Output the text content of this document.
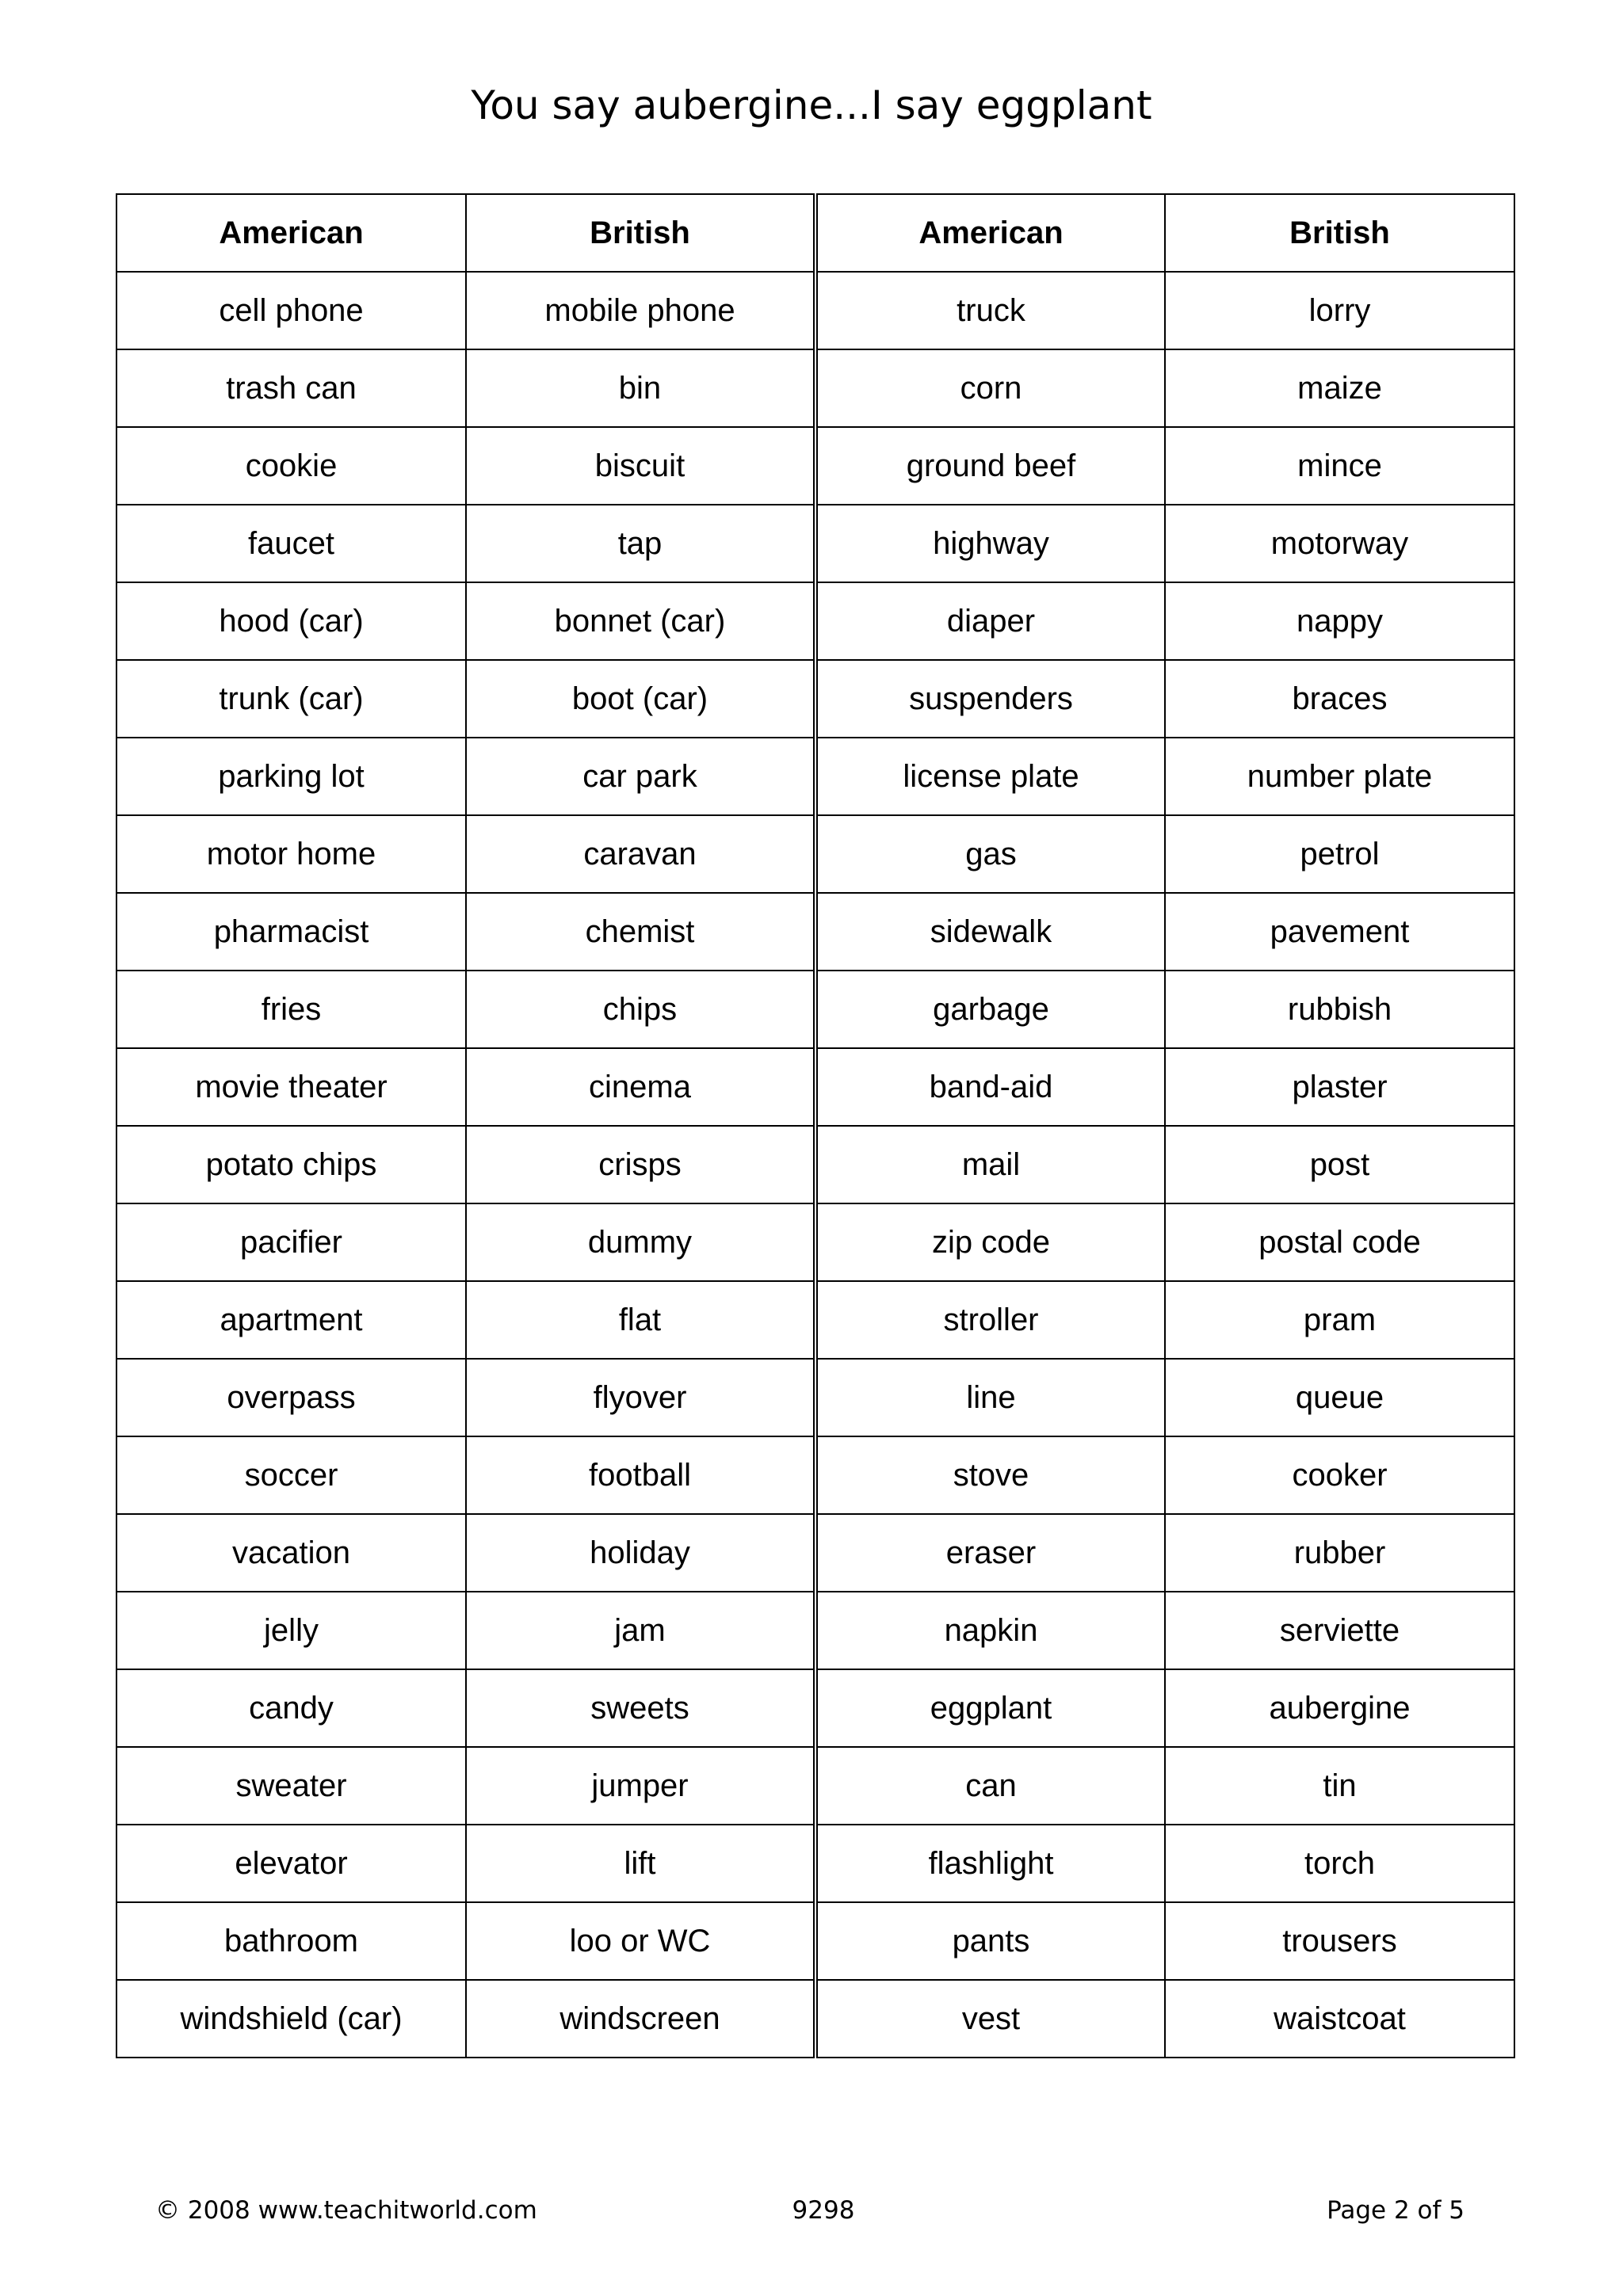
You say aubergine...I say eggplant
American	British	American	British
cell phone	mobile phone	truck	lorry
trash can	bin	corn	maize
cookie	biscuit	ground beef	mince
faucet	tap	highway	motorway
hood (car)	bonnet (car)	diaper	nappy
trunk (car)	boot (car)	suspenders	braces
parking lot	car park	license plate	number plate
motor home	caravan	gas	petrol
pharmacist	chemist	sidewalk	pavement
fries	chips	garbage	rubbish
movie theater	cinema	band-aid	plaster
potato chips	crisps	mail	post
pacifier	dummy	zip code	postal code
apartment	flat	stroller	pram
overpass	flyover	line	queue
soccer	football	stove	cooker
vacation	holiday	eraser	rubber
jelly	jam	napkin	serviette
candy	sweets	eggplant	aubergine
sweater	jumper	can	tin
elevator	lift	flashlight	torch
bathroom	loo or WC	pants	trousers
windshield (car)	windscreen	vest	waistcoat
© 2008 www.teachitworld.com	9298	Page 2 of 5
